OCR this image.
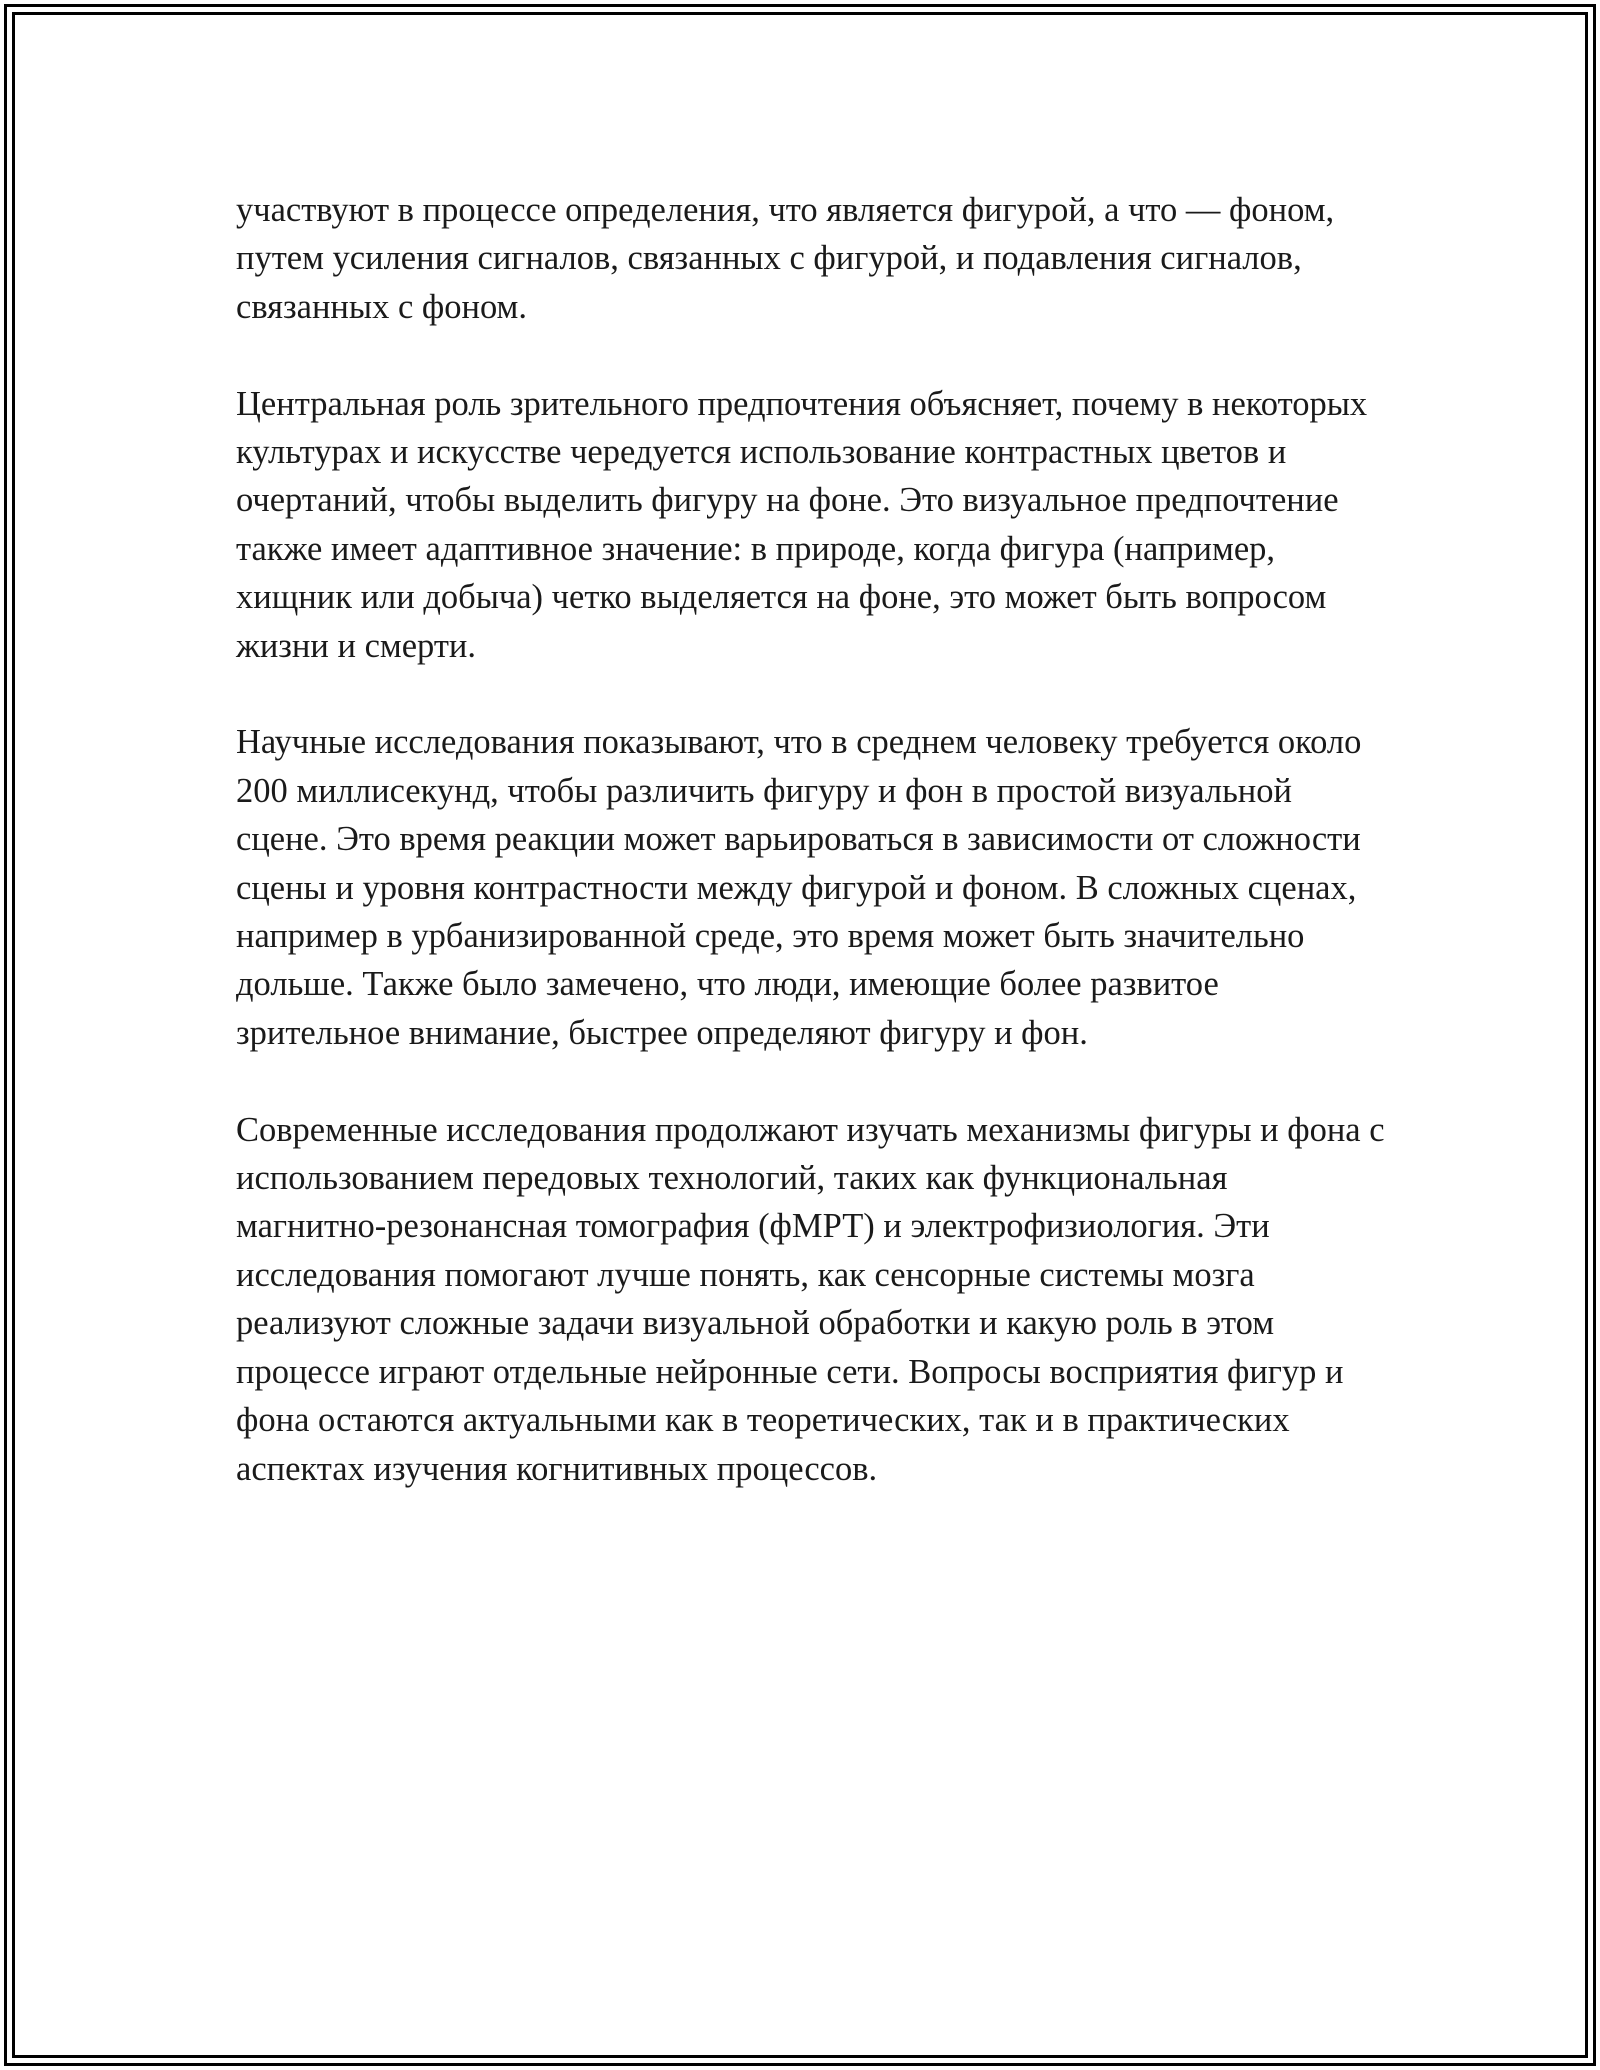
участвуют в процессе определения, что является фигурой, а что — фоном, путем усиления сигналов, связанных с фигурой, и подавления сигналов, связанных с фоном.

Центральная роль зрительного предпочтения объясняет, почему в некоторых культурах и искусстве чередуется использование контрастных цветов и очертаний, чтобы выделить фигуру на фоне. Это визуальное предпочтение также имеет адаптивное значение: в природе, когда фигура (например, хищник или добыча) четко выделяется на фоне, это может быть вопросом жизни и смерти.

Научные исследования показывают, что в среднем человеку требуется около 200 миллисекунд, чтобы различить фигуру и фон в простой визуальной сцене. Это время реакции может варьироваться в зависимости от сложности сцены и уровня контрастности между фигурой и фоном. В сложных сценах, например в урбанизированной среде, это время может быть значительно дольше. Также было замечено, что люди, имеющие более развитое зрительное внимание, быстрее определяют фигуру и фон.

Современные исследования продолжают изучать механизмы фигуры и фона с использованием передовых технологий, таких как функциональная магнитно-резонансная томография (фМРТ) и электрофизиология. Эти исследования помогают лучше понять, как сенсорные системы мозга реализуют сложные задачи визуальной обработки и какую роль в этом процессе играют отдельные нейронные сети. Вопросы восприятия фигур и фона остаются актуальными как в теоретических, так и в практических аспектах изучения когнитивных процессов.
